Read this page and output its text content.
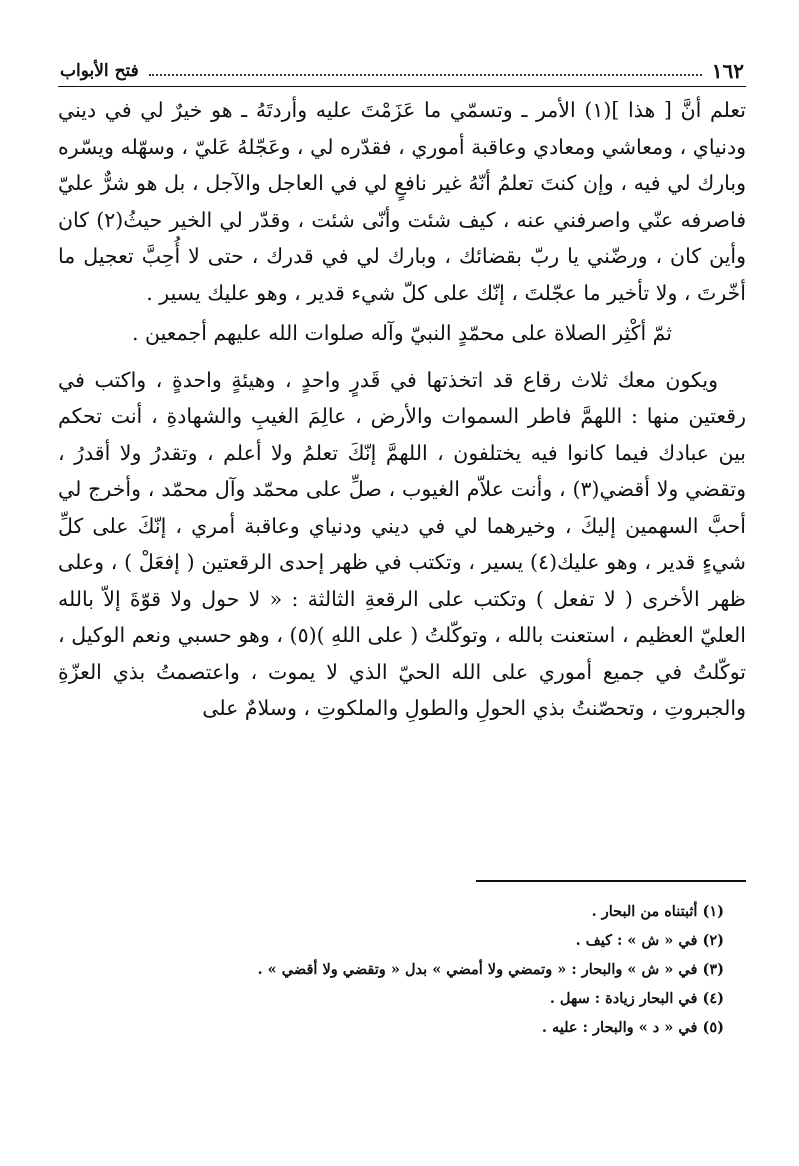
١٦٢
فتح الأبواب

تعلم أنَّ [ هذا ](١) الأمر ـ وتسمّي ما عَزَمْتَ عليه وأردتَهُ ـ هو خيرٌ لي في ديني ودنياي ، ومعاشي ومعادي وعاقبة أموري ، فقدّره لي ، وعَجّلهُ عَليّ ، وسهّله ويسّره وبارك لي فيه ، وإن كنتَ تعلمُ أنّهُ غير نافعٍ لي في العاجل والآجل ، بل هو شرٌّ عليّ فاصرفه عنّي واصرفني عنه ، كيف شئت وأنّى شئت ، وقدّر لي الخير حيثُ(٢) كان وأين كان ، ورضّني يا ربّ بقضائك ، وبارك لي في قدرك ، حتى لا أُحِبَّ تعجيل ما أخّرتَ ، ولا تأخير ما عجّلتَ ، إنّك على كلّ شيء قدير ، وهو عليك يسير .

ثمّ أكْثِر الصلاة على محمّدٍ النبيّ وآله صلوات الله عليهم أجمعين .

ويكون معك ثلاث رقاع قد اتخذتها في قَدرٍ واحدٍ ، وهيئةٍ واحدةٍ ، واكتب في رقعتين منها : اللهمَّ فاطر السموات والأرض ، عالِمَ الغيبِ والشهادةِ ، أنت تحكم بين عبادك فيما كانوا فيه يختلفون ، اللهمَّ إنّكَ تعلمُ ولا أعلم ، وتقدرُ ولا أقدرُ ، وتقضي ولا أقضي(٣) ، وأنت علاّم الغيوب ، صلِّ على محمّد وآل محمّد ، وأخرج لي أحبَّ السهمين إليكَ ، وخيرهما لي في ديني ودنياي وعاقبة أمري ، إنّكَ على كلِّ شيءٍ قدير ، وهو عليك(٤) يسير ، وتكتب في ظهر إحدى الرقعتين ( إفعَلْ ) ، وعلى ظهر الأخرى ( لا تفعل ) وتكتب على الرقعةِ الثالثة : « لا حول ولا قوّةَ إلاّ بالله العليّ العظيم ، استعنت بالله ، وتوكّلتُ ( على اللهِ )(٥) ، وهو حسبي ونعم الوكيل ، توكّلتُ في جميع أموري على الله الحيّ الذي لا يموت ، واعتصمتُ بذي العزّةِ والجبروتِ ، وتحصّنتُ بذي الحولِ والطولِ والملكوتِ ، وسلامٌ على

(١) أثبتناه من البحار .
(٢) في « ش » : كيف .
(٣) في « ش » والبحار : « وتمضي ولا أمضي » بدل « وتقضي ولا أقضي » .
(٤) في البحار زيادة : سهل .
(٥) في « د » والبحار : عليه .
